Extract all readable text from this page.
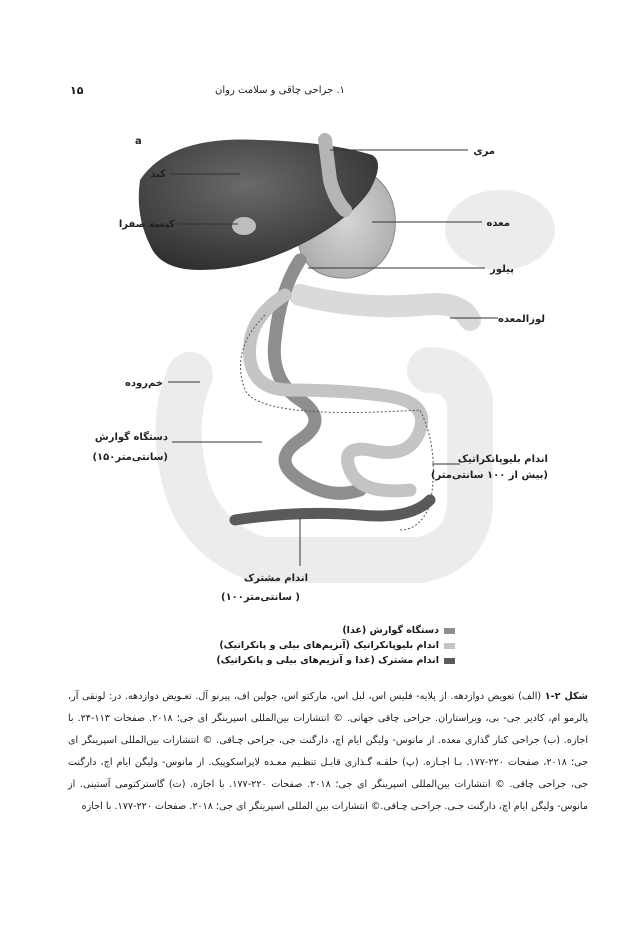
۱۵	۱. جراحی چاقی و سلامت روان
a
مری
کبد
کیسه صفرا	معده
پیلور
لوزالمعده
خم‌روده
دستگاه گوارش
(۱۵۰سانتی‌متر)	اندام بلیوپانکراتیک
(بیش از ۱۰۰ سانتی‌متر)
اندام مشترک
(۱۰۰سانتی‌متر )
دستگاه گوارش (غذا)
اندام بلیوپانکراتیک (آنزیم‌های بیلی و پانکراتیک)
اندام مشترک (غذا و آنزیم‌های بیلی و پانکراتیک)
شکل ۲-۱ (الف) تعویض دوازدهه. از پلایه- فلیس اس، لبل اس، مارکتو اس، جولین اف، پیرنو آل. تعـویض دوازدهه. در: لونقی آر، پالرمو ام، کادیر جی- بی، ویراستاران. جراحی چاقی جهانی. © انتشارات بین‌المللی اسپرینگر ای جی؛ ۲۰۱۸. صفحات ۱۱۳-۲۴. با اجازه. (ب) جراحی کنار گذاری معده. از مانوس- ولیگن ایام اچ، دارگنت جی، جراحی چـاقی. © انتشارات بین‌المللی اسپرینگر ای جی؛ ۲۰۱۸، صفحات ۲۲۰-۱۷۷. بـا اجـازه. (پ) حلقـه گـذاری قابـل تنظـیم معـده لاپراسکوپیک. از مانوس- ولیگن ایام اچ، دارگنت جی، جراحی چاقی. © انتشارات بین‌المللی اسپرینگر ای جی؛ ۲۰۱۸. صفحات ۲۲۰-۱۷۷. با اجازه. (ت) گاسترکتومی آستینی. از مانوس- ولیگن ایام اچ، دارگنت جـی. جراحـی چـاقی.© انتشارات بین المللی اسپرینگر ای جی؛ ۲۰۱۸. صفحات ۲۲۰-۱۷۷. با اجازه
